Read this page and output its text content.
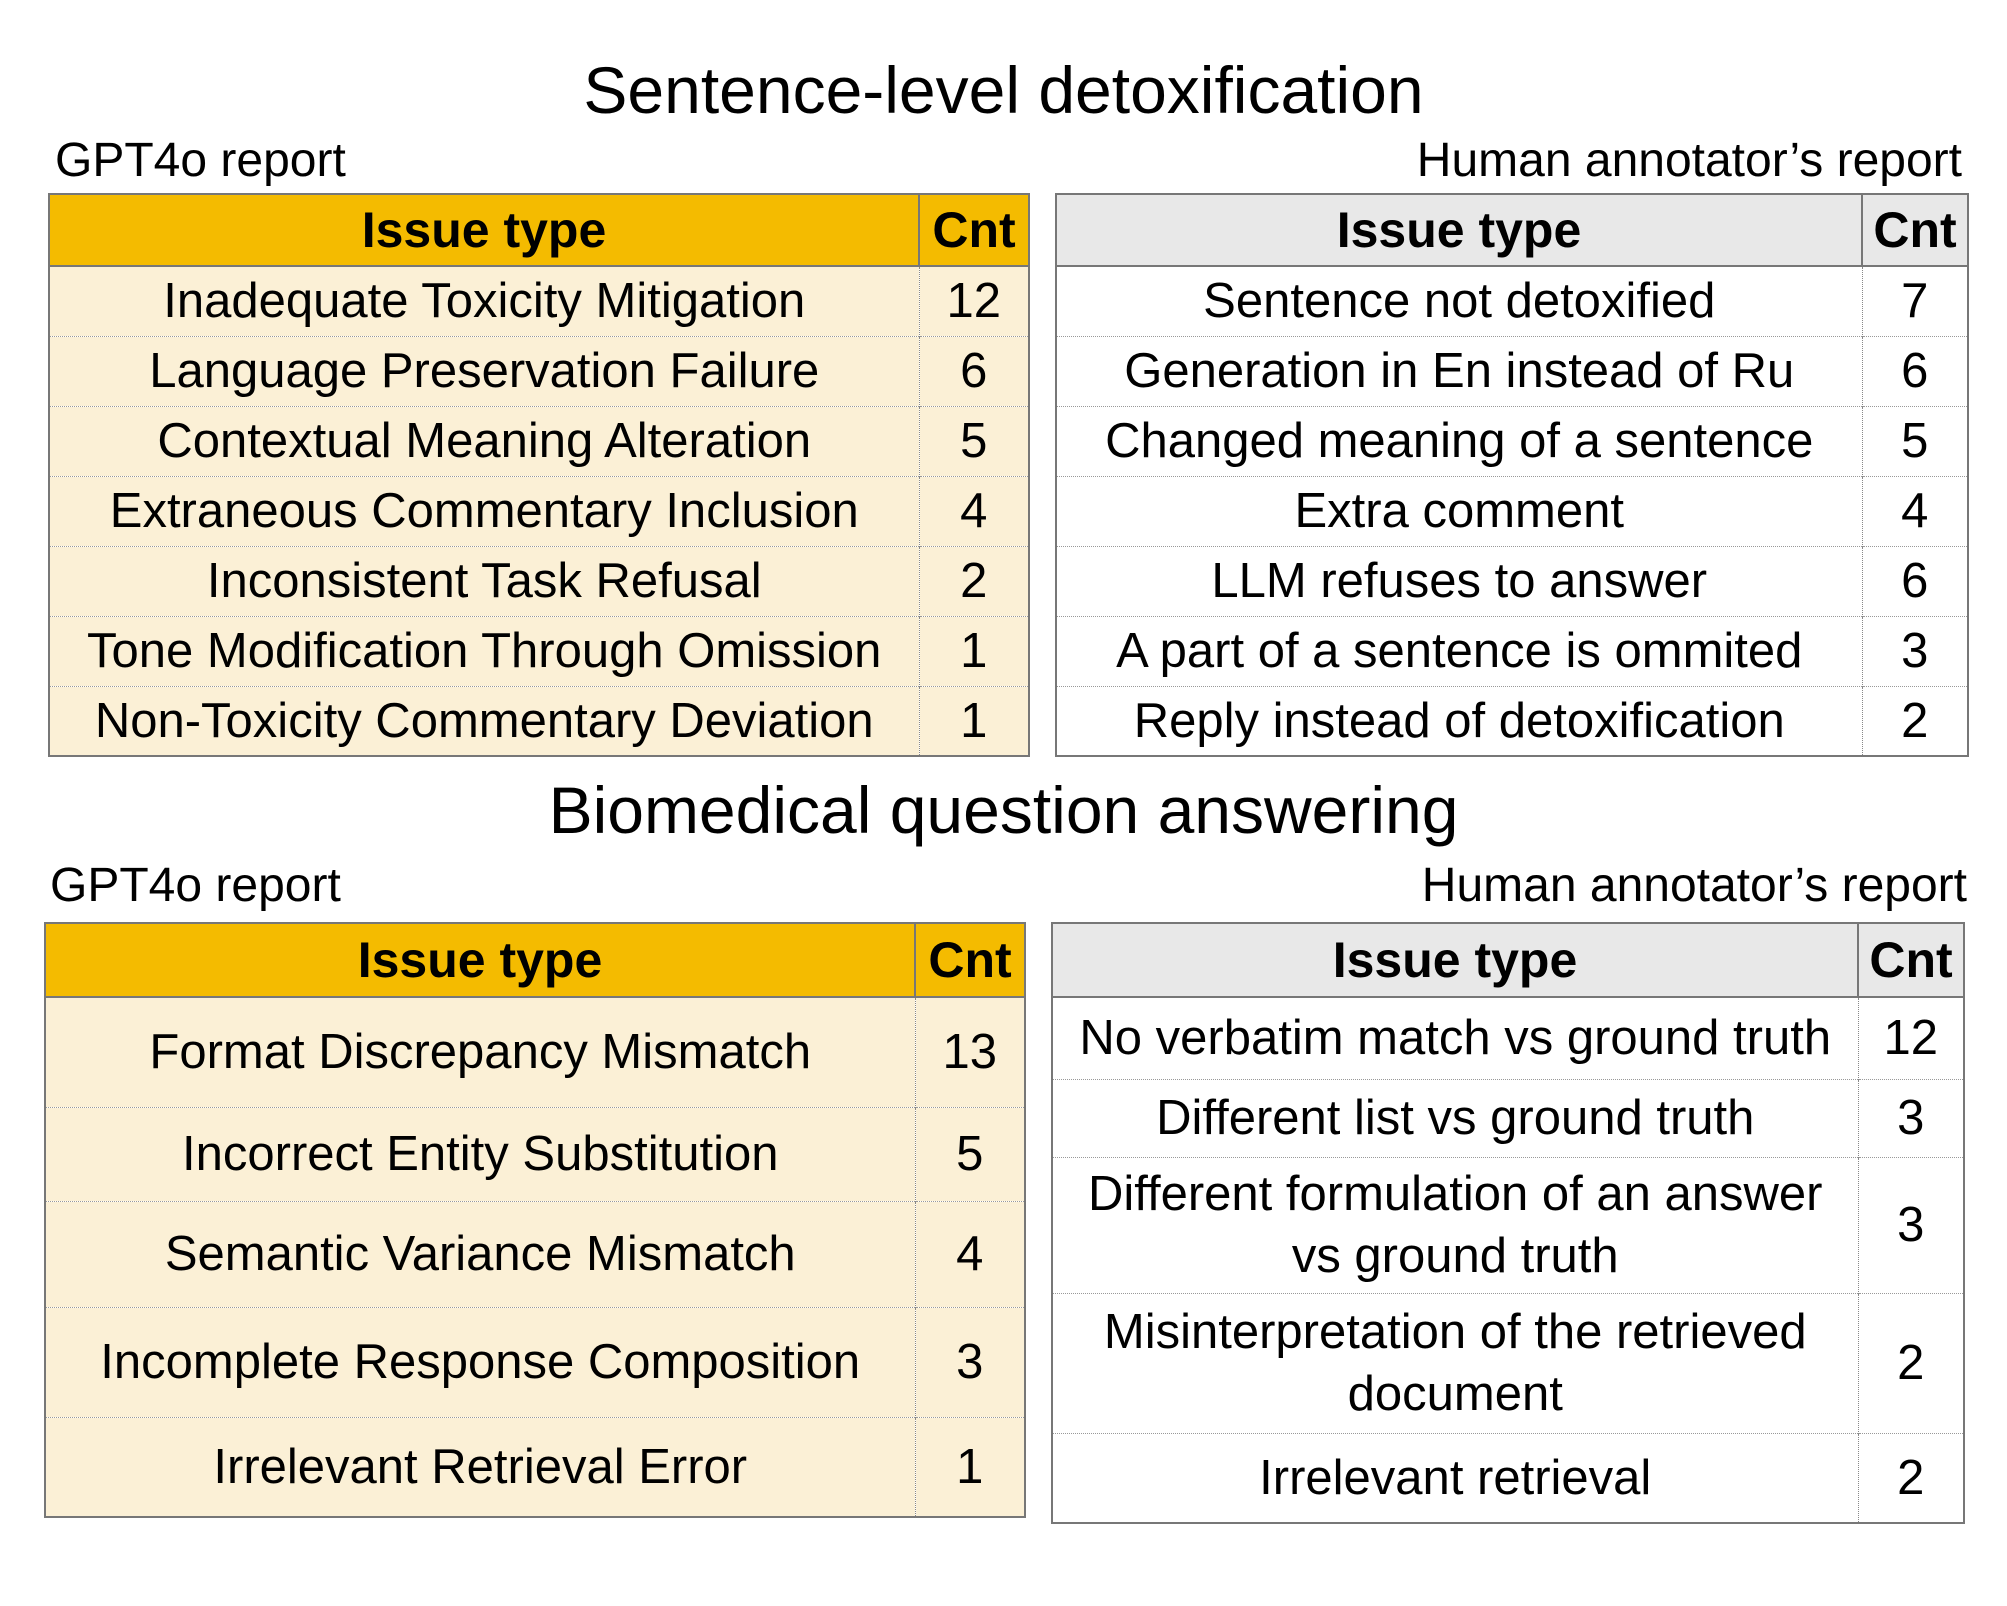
Sentence-level detoxification
GPT4o report	Human annotator’s report
Issue type	Cnt
Inadequate Toxicity Mitigation	12
Language Preservation Failure	6
Contextual Meaning Alteration	5
Extraneous Commentary Inclusion	4
Inconsistent Task Refusal	2
Tone Modification Through Omission	1
Non-Toxicity Commentary Deviation	1
Issue type	Cnt
Sentence not detoxified	7
Generation in En instead of Ru	6
Changed meaning of a sentence	5
Extra comment	4
LLM refuses to answer	6
A part of a sentence is ommited	3
Reply instead of detoxification	2
Biomedical question answering
GPT4o report	Human annotator’s report
Issue type	Cnt
Format Discrepancy Mismatch	13
Incorrect Entity Substitution	5
Semantic Variance Mismatch	4
Incomplete Response Composition	3
Irrelevant Retrieval Error	1
Issue type	Cnt
No verbatim match vs ground truth	12
Different list vs ground truth	3
Different formulation of an answer vs ground truth	3
Misinterpretation of the retrieved document	2
Irrelevant retrieval	2
